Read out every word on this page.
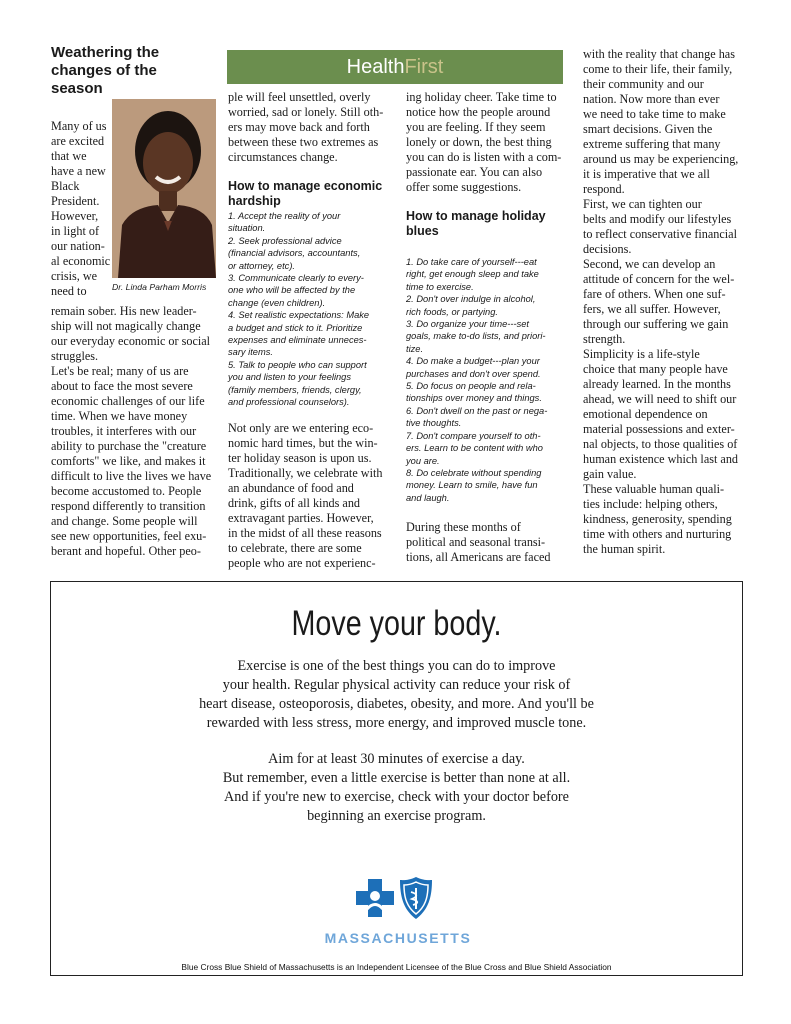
Weathering the
changes of the
season
Dr. Linda Parham Morris
Many of us
are excited
that we
have a new
Black
President.
However,
in light of
our nation-
al economic
crisis, we
need to
remain sober. His new leader-
ship will not magically change
our everyday economic or social
struggles.
Let's be real; many of us are
about to face the most severe
economic challenges of our life
time. When we have money
troubles, it interferes with our
ability to purchase the "creature
comforts" we like, and makes it
difficult to live the lives we have
become accustomed to. People
respond differently to transition
and change. Some people will
see new opportunities, feel exu-
berant and hopeful. Other peo-
HealthFirst
ple will feel unsettled, overly
worried, sad or lonely. Still oth-
ers may move back and forth
between these two extremes as
circumstances change.
How to manage economic
hardship
1. Accept the reality of your
situation.
2. Seek professional advice
(financial advisors, accountants,
or attorney, etc).
3. Communicate clearly to every-
one who will be affected by the
change (even children).
4. Set realistic expectations: Make
a budget and stick to it. Prioritize
expenses and eliminate unneces-
sary items.
5. Talk to people who can support
you and listen to your feelings
(family members, friends, clergy,
and professional counselors).
Not only are we entering eco-
nomic hard times, but the win-
ter holiday season is upon us.
Traditionally, we celebrate with
an abundance of food and
drink, gifts of all kinds and
extravagant parties. However,
in the midst of all these reasons
to celebrate, there are some
people who are not experienc-
ing holiday cheer. Take time to
notice how the people around
you are feeling. If they seem
lonely or down, the best thing
you can do is listen with a com-
passionate ear. You can also
offer some suggestions.
How to manage holiday
blues
1. Do take care of yourself---eat
right, get enough sleep and take
time to exercise.
2. Don't over indulge in alcohol,
rich foods, or partying.
3. Do organize your time---set
goals, make to-do lists, and priori-
tize.
4. Do make a budget---plan your
purchases and don't over spend.
5. Do focus on people and rela-
tionships over money and things.
6. Don't dwell on the past or nega-
tive thoughts.
7. Don't compare yourself to oth-
ers. Learn to be content with who
you are.
8. Do celebrate without spending
money. Learn to smile, have fun
and laugh.
During these months of
political and seasonal transi-
tions, all Americans are faced
with the reality that change has
come to their life, their family,
their community and our
nation. Now more than ever
we need to take time to make
smart decisions. Given the
extreme suffering that many
around us may be experiencing,
it is imperative that we all
respond.
First, we can tighten our
belts and modify our lifestyles
to reflect conservative financial
decisions.
Second, we can develop an
attitude of concern for the wel-
fare of others. When one suf-
fers, we all suffer. However,
through our suffering we gain
strength.
Simplicity is a life-style
choice that many people have
already learned. In the months
ahead, we will need to shift our
emotional dependence on
material possessions and exter-
nal objects, to those qualities of
human existence which last and
gain value.
These valuable human quali-
ties include: helping others,
kindness, generosity, spending
time with others and nurturing
the human spirit.
Move your body.
Exercise is one of the best things you can do to improve
your health. Regular physical activity can reduce your risk of
heart disease, osteoporosis, diabetes, obesity, and more. And you'll be
rewarded with less stress, more energy, and improved muscle tone.
Aim for at least 30 minutes of exercise a day.
But remember, even a little exercise is better than none at all.
And if you're new to exercise, check with your doctor before
beginning an exercise program.
MASSACHUSETTS
Blue Cross Blue Shield of Massachusetts is an Independent Licensee of the Blue Cross and Blue Shield Association
